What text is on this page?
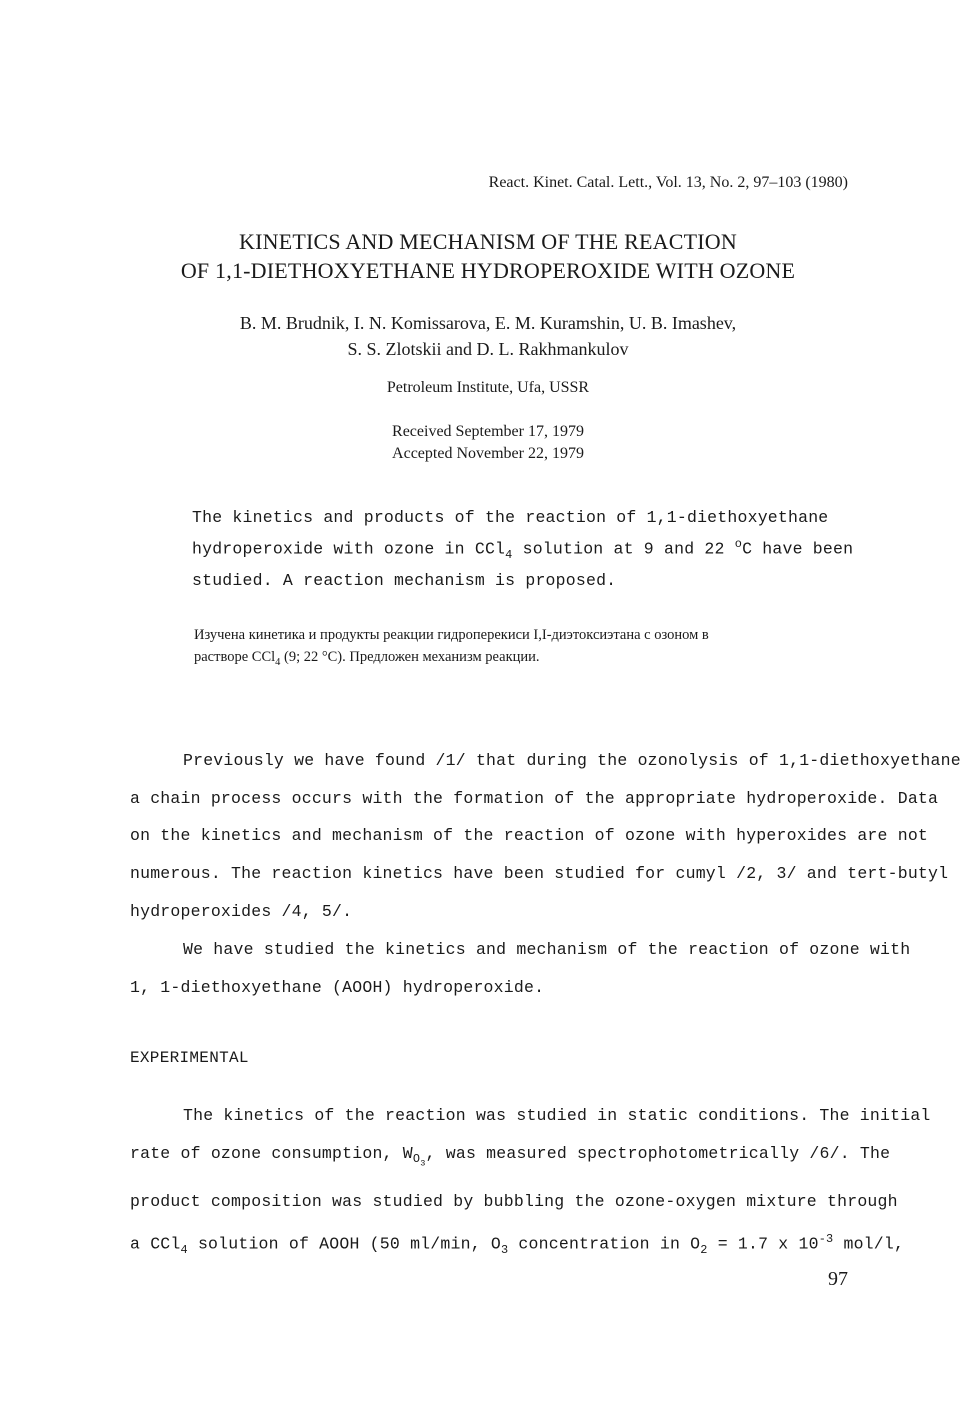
React. Kinet. Catal. Lett., Vol. 13, No. 2, 97–103 (1980)
KINETICS AND MECHANISM OF THE REACTION
OF 1,1-DIETHOXYETHANE HYDROPEROXIDE WITH OZONE
B. M. Brudnik, I. N. Komissarova, E. M. Kuramshin, U. B. Imashev,
S. S. Zlotskii and D. L. Rakhmankulov
Petroleum Institute, Ufa, USSR
Received September 17, 1979
Accepted November 22, 1979
The kinetics and products of the reaction of 1,1-diethoxyethane
hydroperoxide with ozone in CCl$_4$ solution at 9 and 22 $^o$C have been
studied. A reaction mechanism is proposed.
Изучена кинетика и продукты реакции гидроперекиси I,I-диэтоксиэтана с озоном в
растворе CCl$_4$ (9; 22 °C). Предложен механизм реакции.
Previously we have found /1/ that during the ozonolysis of 1,1-diethoxyethane
a chain process occurs with the formation of the appropriate hydroperoxide. Data
on the kinetics and mechanism of the reaction of ozone with hyperoxides are not
numerous. The reaction kinetics have been studied for cumyl /2, 3/ and tert-butyl
hydroperoxides /4, 5/.
We have studied the kinetics and mechanism of the reaction of ozone with
1, 1-diethoxyethane (AOOH) hydroperoxide.
EXPERIMENTAL
The kinetics of the reaction was studied in static conditions. The initial
rate of ozone consumption, $W_{O_3}$, was measured spectrophotometrically /6/. The
product composition was studied by bubbling the ozone-oxygen mixture through
a CCl$_4$ solution of AOOH (50 ml/min, $O_3$ concentration in $O_2 = 1.7$ x $10^{-3}$ mol/l,
97
